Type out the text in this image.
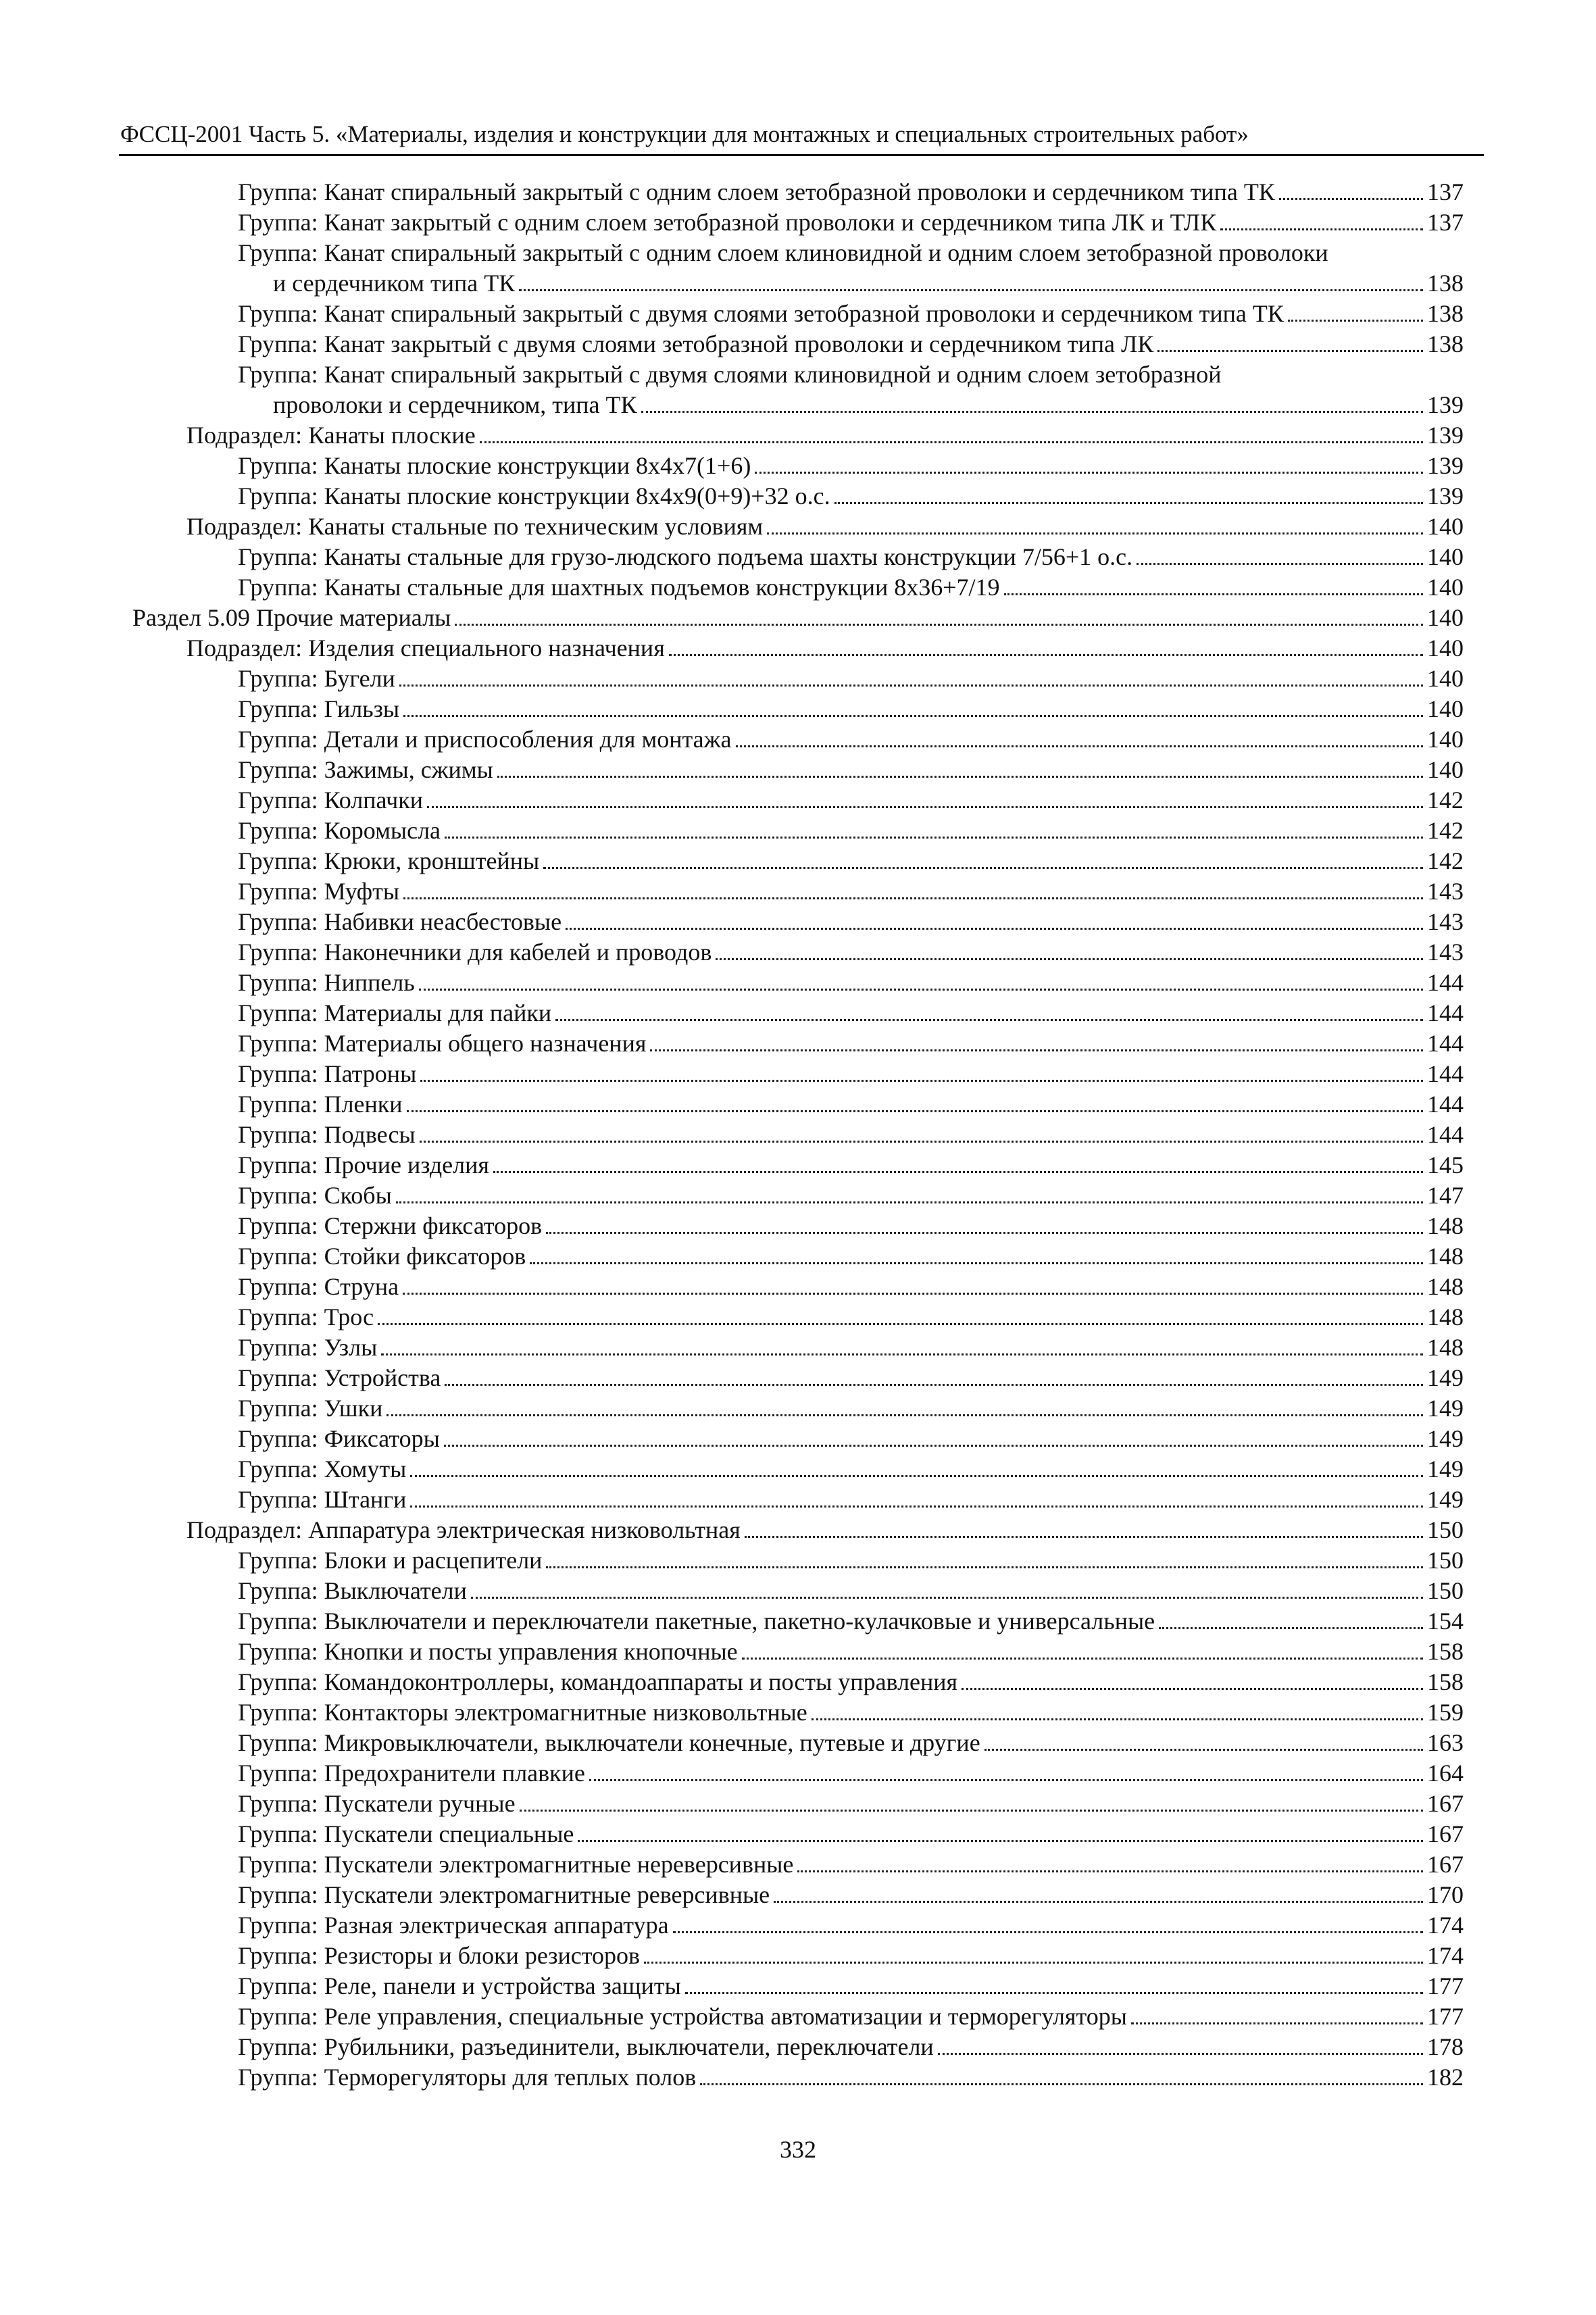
ФССЦ-2001 Часть 5. «Материалы, изделия и конструкции для монтажных и специальных строительных работ»
Группа: Канат спиральный закрытый с одним слоем зетобразной проволоки и сердечником типа ТК	137
Группа: Канат закрытый с одним слоем зетобразной проволоки и сердечником типа ЛК и ТЛК	137
Группа: Канат спиральный закрытый с одним слоем клиновидной и одним слоем зетобразной проволоки
и сердечником типа ТК	138
Группа: Канат спиральный закрытый с двумя слоями зетобразной проволоки и сердечником типа ТК	138
Группа: Канат закрытый с двумя слоями зетобразной проволоки и сердечником типа ЛК	138
Группа: Канат спиральный закрытый с двумя слоями клиновидной и одним слоем зетобразной
проволоки и сердечником, типа ТК	139
Подраздел: Канаты плоские	139
Группа: Канаты плоские конструкции 8х4х7(1+6)	139
Группа: Канаты плоские конструкции 8х4х9(0+9)+32 о.с.	139
Подраздел: Канаты стальные по техническим условиям	140
Группа: Канаты стальные для грузо-людского подъема шахты конструкции 7/56+1 о.с.	140
Группа: Канаты стальные для шахтных подъемов конструкции 8х36+7/19	140
Раздел 5.09 Прочие материалы	140
Подраздел: Изделия специального назначения	140
Группа: Бугели	140
Группа: Гильзы	140
Группа: Детали и приспособления для монтажа	140
Группа: Зажимы, сжимы	140
Группа: Колпачки	142
Группа: Коромысла	142
Группа: Крюки, кронштейны	142
Группа: Муфты	143
Группа: Набивки неасбестовые	143
Группа: Наконечники для кабелей и проводов	143
Группа: Ниппель	144
Группа: Материалы для пайки	144
Группа: Материалы общего назначения	144
Группа: Патроны	144
Группа: Пленки	144
Группа: Подвесы	144
Группа: Прочие изделия	145
Группа: Скобы	147
Группа: Стержни фиксаторов	148
Группа: Стойки фиксаторов	148
Группа: Струна	148
Группа: Трос	148
Группа: Узлы	148
Группа: Устройства	149
Группа: Ушки	149
Группа: Фиксаторы	149
Группа: Хомуты	149
Группа: Штанги	149
Подраздел: Аппаратура электрическая низковольтная	150
Группа: Блоки и расцепители	150
Группа: Выключатели	150
Группа: Выключатели и переключатели пакетные, пакетно-кулачковые и универсальные	154
Группа: Кнопки и посты управления кнопочные	158
Группа: Командоконтроллеры, командоаппараты и посты управления	158
Группа: Контакторы электромагнитные низковольтные	159
Группа: Микровыключатели, выключатели конечные, путевые и другие	163
Группа: Предохранители плавкие	164
Группа: Пускатели ручные	167
Группа: Пускатели специальные	167
Группа: Пускатели электромагнитные нереверсивные	167
Группа: Пускатели электромагнитные реверсивные	170
Группа: Разная электрическая аппаратура	174
Группа: Резисторы и блоки резисторов	174
Группа: Реле, панели и устройства защиты	177
Группа: Реле управления, специальные устройства автоматизации и терморегуляторы	177
Группа: Рубильники, разъединители, выключатели, переключатели	178
Группа: Терморегуляторы для теплых полов	182
332
